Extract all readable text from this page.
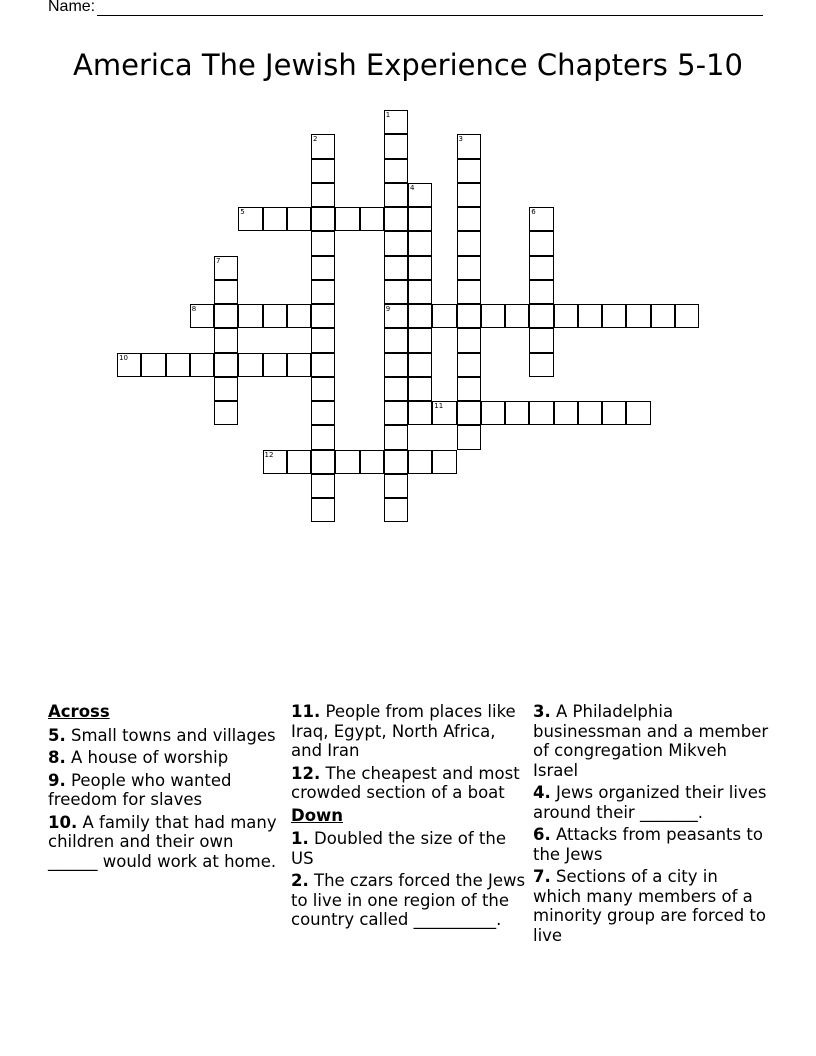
Name:
America The Jewish Experience Chapters 5-10
1
9
2	3
4
5	6
7
8
10
11
12
Across
5. Small towns and villages
8. A house of worship
9. People who wanted freedom for slaves
10. A family that had many children and their own ______ would work at home.
11. People from places like Iraq, Egypt, North Africa, and Iran
12. The cheapest and most crowded section of a boat
Down
1. Doubled the size of the US
2. The czars forced the Jews to live in one region of the country called __________.
3. A Philadelphia businessman and a member of congregation Mikveh Israel
4. Jews organized their lives around their _______.
6. Attacks from peasants to the Jews
7. Sections of a city in which many members of a minority group are forced to live
